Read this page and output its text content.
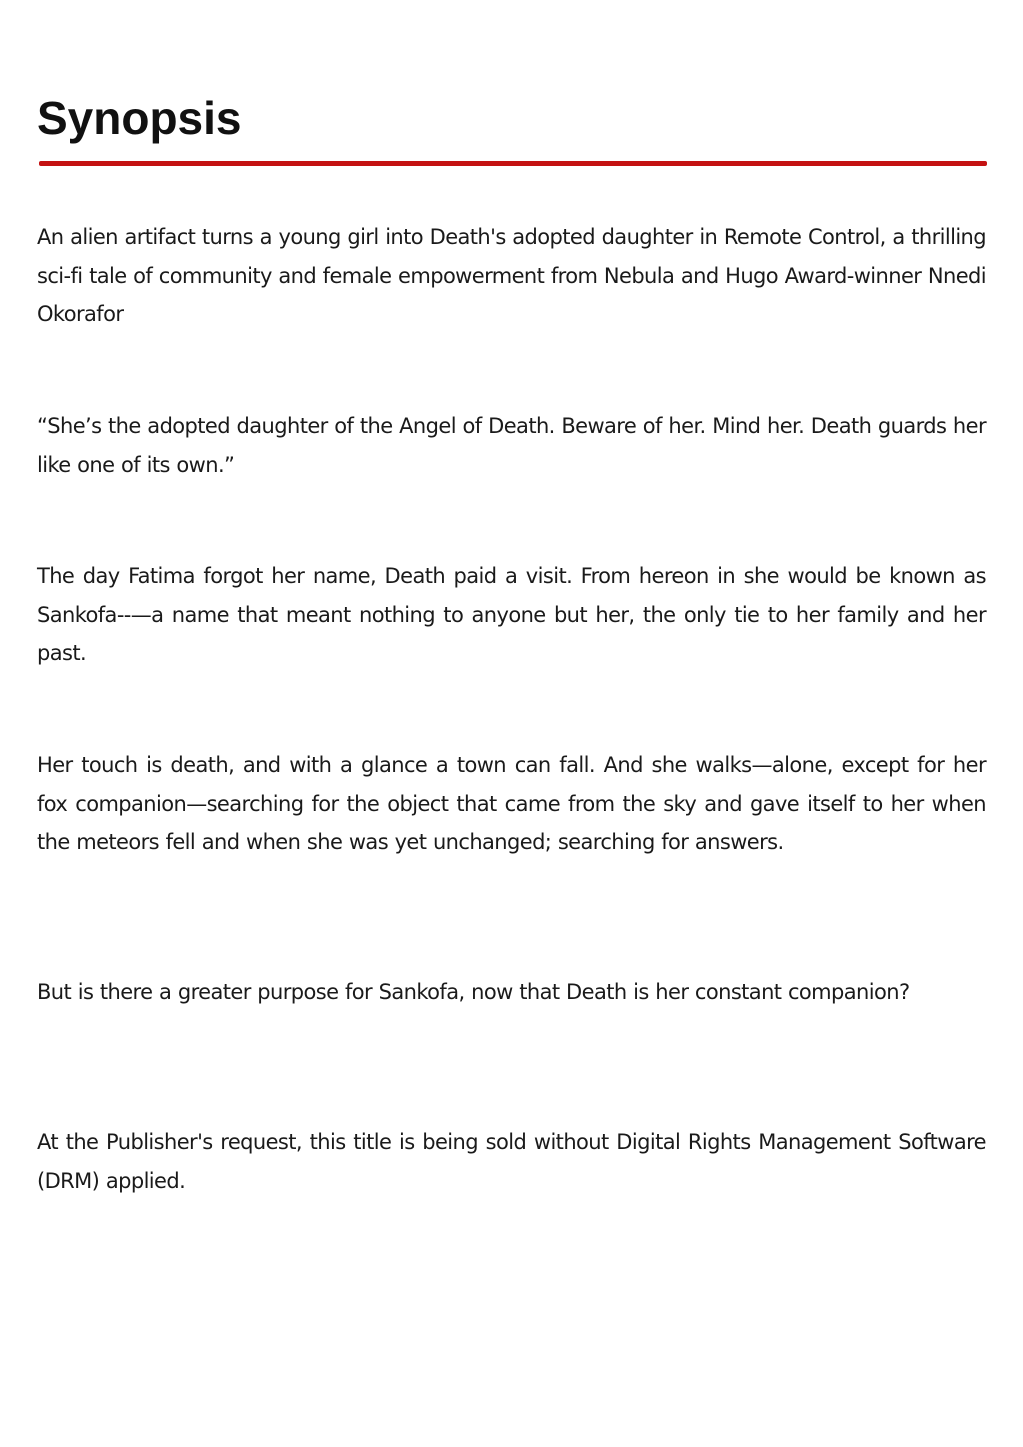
Synopsis

An alien artifact turns a young girl into Death's adopted daughter in Remote Control, a thrilling sci-fi tale of community and female empowerment from Nebula and Hugo Award-winner Nnedi Okorafor

“She’s the adopted daughter of the Angel of Death. Beware of her. Mind her. Death guards her like one of its own.”

The day Fatima forgot her name, Death paid a visit. From hereon in she would be known as Sankofa--—a name that meant nothing to anyone but her, the only tie to her family and her past.

Her touch is death, and with a glance a town can fall. And she walks—alone, except for her fox companion—searching for the object that came from the sky and gave itself to her when the meteors fell and when she was yet unchanged; searching for answers.

But is there a greater purpose for Sankofa, now that Death is her constant companion?

At the Publisher's request, this title is being sold without Digital Rights Management Software (DRM) applied.
